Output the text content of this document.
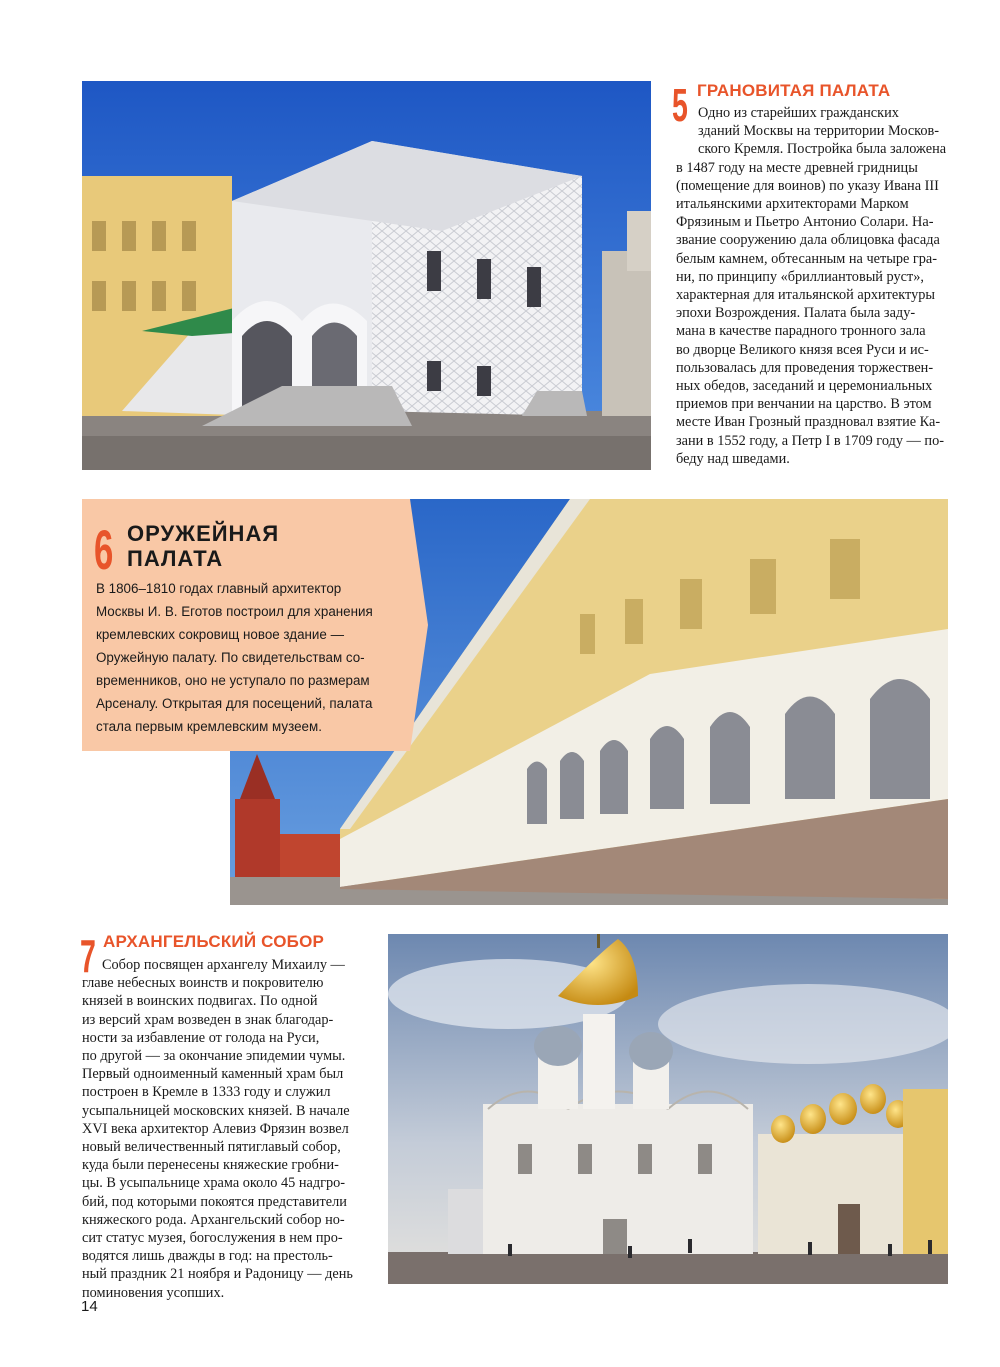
5 ГРАНОВИТАЯ ПАЛАТА

Одно из старейших гражданских
зданий Москвы на территории Москов-
ского Кремля. Постройка была заложена
в 1487 году на месте древней гридницы
(помещение для воинов) по указу Ивана III
итальянскими архитекторами Марком
Фрязиным и Пьетро Антонио Солари. На-
звание сооружению дала облицовка фасада
белым камнем, обтесанным на четыре гра-
ни, по принципу «бриллиантовый руст»,
характерная для итальянской архитектуры
эпохи Возрождения. Палата была заду-
мана в качестве парадного тронного зала
во дворце Великого князя всея Руси и ис-
пользовалась для проведения торжествен-
ных обедов, заседаний и церемониальных
приемов при венчании на царство. В этом
месте Иван Грозный праздновал взятие Ка-
зани в 1552 году, а Петр I в 1709 году — по-
беду над шведами.

6 ОРУЖЕЙНАЯ
ПАЛАТА

В 1806–1810 годах главный архитектор
Москвы И. В. Еготов построил для хранения
кремлевских сокровищ новое здание —
Оружейную палату. По свидетельствам со-
временников, оно не уступало по размерам
Арсеналу. Открытая для посещений, палата
стала первым кремлевским музеем.

7 АРХАНГЕЛЬСКИЙ СОБОР

Собор посвящен архангелу Михаилу —
главе небесных воинств и покровителю
князей в воинских подвигах. По одной
из версий храм возведен в знак благодар-
ности за избавление от голода на Руси,
по другой — за окончание эпидемии чумы.
Первый одноименный каменный храм был
построен в Кремле в 1333 году и служил
усыпальницей московских князей. В начале
XVI века архитектор Алевиз Фрязин возвел
новый величественный пятиглавый собор,
куда были перенесены княжеские гробни-
цы. В усыпальнице храма около 45 надгро-
бий, под которыми покоятся представители
княжеского рода. Архангельский собор но-
сит статус музея, богослужения в нем про-
водятся лишь дважды в год: на престоль-
ный праздник 21 ноября и Радоницу — день
поминовения усопших.

14
